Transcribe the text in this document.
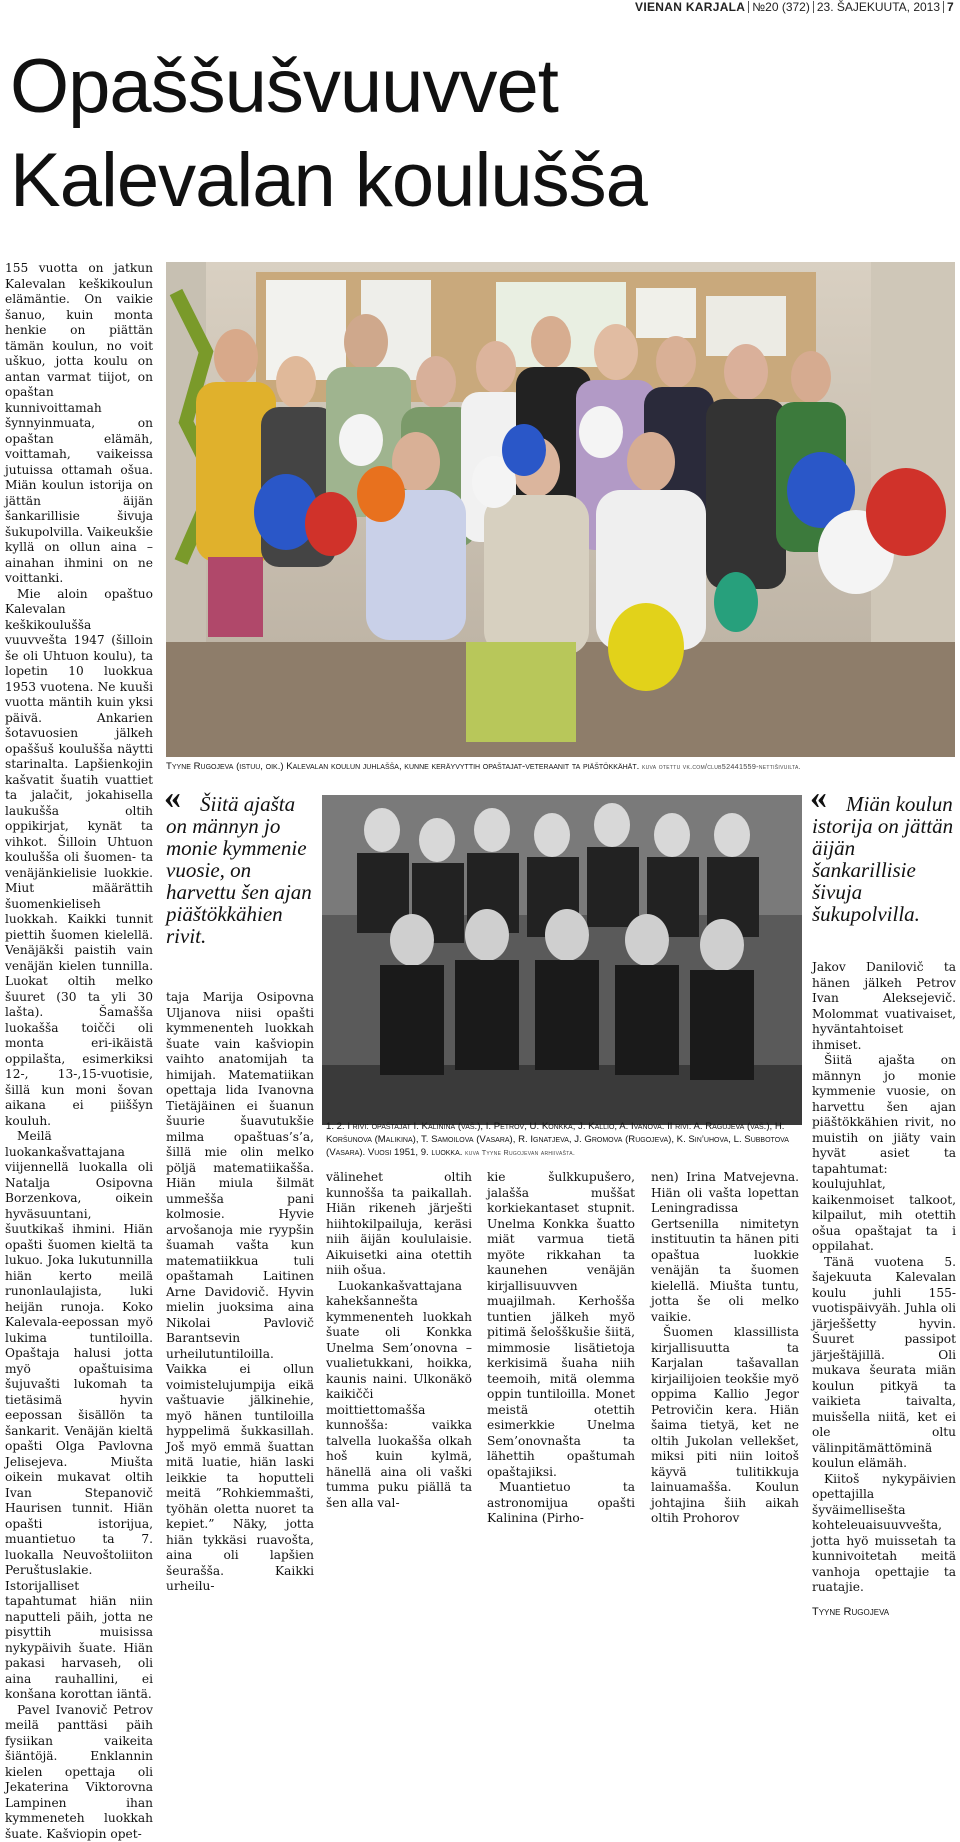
VIENAN KARJALA №20 (372) 23. ŠAJEKUUTA, 2013 7
Opaššušvuuvvet
Kalevalan koulušša

155 vuotta on jatkun Kalevalan keškikoulun elämäntie. On vaikie šanuo, kuin monta henkie on piättän tämän koulun, no voit uškuo, jotta koulu on antan varmat tiijot, on opaštan kunnivoittamah šynnyinmuata, on opaštan elämäh, voittamah, vaikeissa jutuissa ottamah ošua. Miän koulun istorija on jättän äijän šankarillisie šivuja šukupolvilla. Vaikeukšie kyllä on ollun aina – ainahan ihmini on ne voittanki.

Mie aloin opaštuo Kalevalan keškikoulušša vuuvvešta 1947 (šilloin še oli Uhtuon koulu), ta lopetin 10 luokkua 1953 vuotena. Ne kuuši vuotta mäntih kuin yksi päivä. Ankarien šotavuosien jälkeh opaššuš koulušša näytti starinalta. Lapšienkojin kašvatit šuatih vuattiet ta jalačit, jokahisella laukušša oltih oppikirjat, kynät ta vihkot. Šilloin Uhtuon koulušša oli šuomen- ta venäjänkielisie luokkie. Miut määrättih šuomenkieliseh luokkah. Kaikki tunnit piettih šuomen kielellä. Venäjäkši paistih vain venäjän kielen tunnilla. Luokat oltih melko šuuret (30 ta yli 30 lašta). Šamašša luokašša toičči oli monta eri-ikäistä oppilašta, esimerkiksi 12-, 13-,15-vuotisie, šillä kun moni šovan aikana ei piiššyn kouluh.

Meilä luokankašvattajana viijennellä luokalla oli Natalja Osipovna Borzenkova, oikein hyväsuuntani, šuutkikaš ihmini. Hiän opašti šuomen kieltä ta lukuo. Joka lukutunnilla hiän kerto meilä runonlaulajista, luki heijän runoja. Koko Kalevala-eepossan myö lukima tuntiloilla. Opaštaja halusi jotta myö opaštuisima šujuvašti lukomah ta tietäsimä hyvin eepossan šisällön ta šankarit. Venäjän kieltä opašti Olga Pavlovna Jelisejeva. Miušta oikein mukavat oltih Ivan Stepanovič Haurisen tunnit. Hiän opašti istorijua, muantietuo ta 7. luokalla Neuvoštoliiton Peruštuslakie. Istorijalliset tapahtumat hiän niin naputteli päih, jotta ne pisyttih muisissa nykypäivih šuate. Hiän pakasi harvaseh, oli aina rauhallini, ei konšana korottan iäntä.

Pavel Ivanovič Petrov meilä panttäsi päih fysiikan vaikeita šiäntöjä. Enklannin kielen opettaja oli Jekaterina Viktorovna Lampinen ihan kymmeneteh luokkah šuate. Kašviopin opet-

Tyyne Rugojeva (istuu, oik.) Kalevalan koulun juhlašša, kunne keräyvyttih opaštajat-veteraanit ta piäštökkähät. kuva otettu vk.com/club52441559-nettišivuilta.
« Šiitä ajašta on männyn jo monie kymmenie vuosie, on harvettu šen ajan piäštökkähien rivit.
« Miän koulun istorija on jättän äijän šankarillisie šivuja šukupolvilla.
1. 2. I rivi: opaštajat I. Kalinina (vaš.), I. Petrov, U. Konkka, J. Kallio, A. Ivanova. II rivi: A. Ragujeva (vaš.), H. Koršunova (Malikina), T. Samoilova (Vasara), R. Ignatjeva, J. Gromova (Rugojeva), K. Sin’uhova, L. Subbotova (Vasara). Vuosi 1951, 9. luokka. kuva Tyyne Rugojevan arhiivašta.

taja Marija Osipovna Uljanova niisi opašti kymmenenteh luokkah šuate vain kašviopin vaihto anatomijah ta himijah. Matematiikan opettaja lida Ivanovna Tietäjäinen ei šuanun šuurie šuavutukšie milma opaštuas’s’a, šillä mie olin melko pöljä matematiikašša. Hiän miula šilmät ummešša pani kolmosie. Hyvie arvošanoja mie ryypšin šuamah vašta kun matematiikkua tuli opaštamah Laitinen Arne Davidovič. Hyvin mielin juoksima aina Nikolai Pavlovič Barantsevin urheilutuntiloilla. Vaikka ei ollun voimistelujumpija eikä vaštuavie jälkinehie, myö hänen tuntiloilla hyppelimä šukkasillah. Još myö emmä šuattan mitä luatie, hiän laski leikkie ta hoputteli meitä ”Rohkiemmašti, työhän oletta nuoret ta kepiet.” Näky, jotta hiän tykkäsi ruavošta, aina oli lapšien šeurašša. Kaikki urheilu-

välinehet oltih kunnošša ta paikallah. Hiän rikeneh järješti hiihtokilpailuja, keräsi niih äijän koululaisie. Aikuisetki aina otettih niih ošua.

Luokankašvattajana kahekšannešta kymmenenteh luokkah šuate oli Konkka Unelma Sem’onovna – vualietukkani, hoikka, kaunis naini. Ulkonäkö kaikičči moittiettomašša kunnošša: vaikka talvella luokašša olkah hoš kuin kylmä, hänellä aina oli vaški tumma puku piällä ta šen alla val-

kie šulkkupušero, jalašša muššat korkiekantaset stupnit. Unelma Konkka šuatto miät varmua tietä myöte rikkahan ta kaunehen venäjän kirjallisuuvven muajilmah. Kerhošša tuntien jälkeh myö pitimä šelošškušie šiitä, mimmosie lisätietoja kerkisimä šuaha niih teemoih, mitä olemma oppin tuntiloilla. Monet meistä otettih esimerkkie Unelma Sem’onovnašta ta lähettih opaštumah opaštajiksi.

Muantietuo ta astronomijua opašti Kalinina (Pirho-

nen) Irina Matvejevna. Hiän oli vašta lopettan Leningradissa Gertsenilla nimitetyn instituutin ta hänen piti opaštua luokkie venäjän ta šuomen kielellä. Miušta tuntu, jotta še oli melko vaikie.

Šuomen klassillista kirjallisuutta ta Karjalan tašavallan kirjailijoien teokšie myö oppima Kallio Jegor Petrovičin kera. Hiän šaima tietyä, ket ne oltih Jukolan vellekšet, miksi piti niin loitoš käyvä tulitikkuja lainuamašša. Koulun johtajina šiih aikah oltih Prohorov

Jakov Danilovič ta hänen jälkeh Petrov Ivan Aleksejevič. Molommat vuativaiset, hyväntahtoiset ihmiset.

Šiitä ajašta on männyn jo monie kymmenie vuosie, on harvettu šen ajan piäštökkähien rivit, no muistih on jiäty vain hyvät asiet ta tapahtumat: koulujuhlat, kaikenmoiset talkoot, kilpailut, mih otettih ošua opaštajat ta i oppilahat.

Tänä vuotena 5. šajekuuta Kalevalan koulu juhli 155-vuotispäivyäh. Juhla oli järješšetty hyvin. Šuuret passipot järještäjillä. Oli mukava šeurata miän koulun pitkyä ta vaikieta taivalta, muisšella niitä, ket ei ole oltu välinpitämättöminä koulun elämäh.

Kiitoš nykypäivien opettajilla šyväimellisešta kohteleuaisuuvvešta, jotta hyö muissetah ta kunnivoitetah meitä vanhoja opettajie ta ruatajie.

Tyyne Rugojeva
